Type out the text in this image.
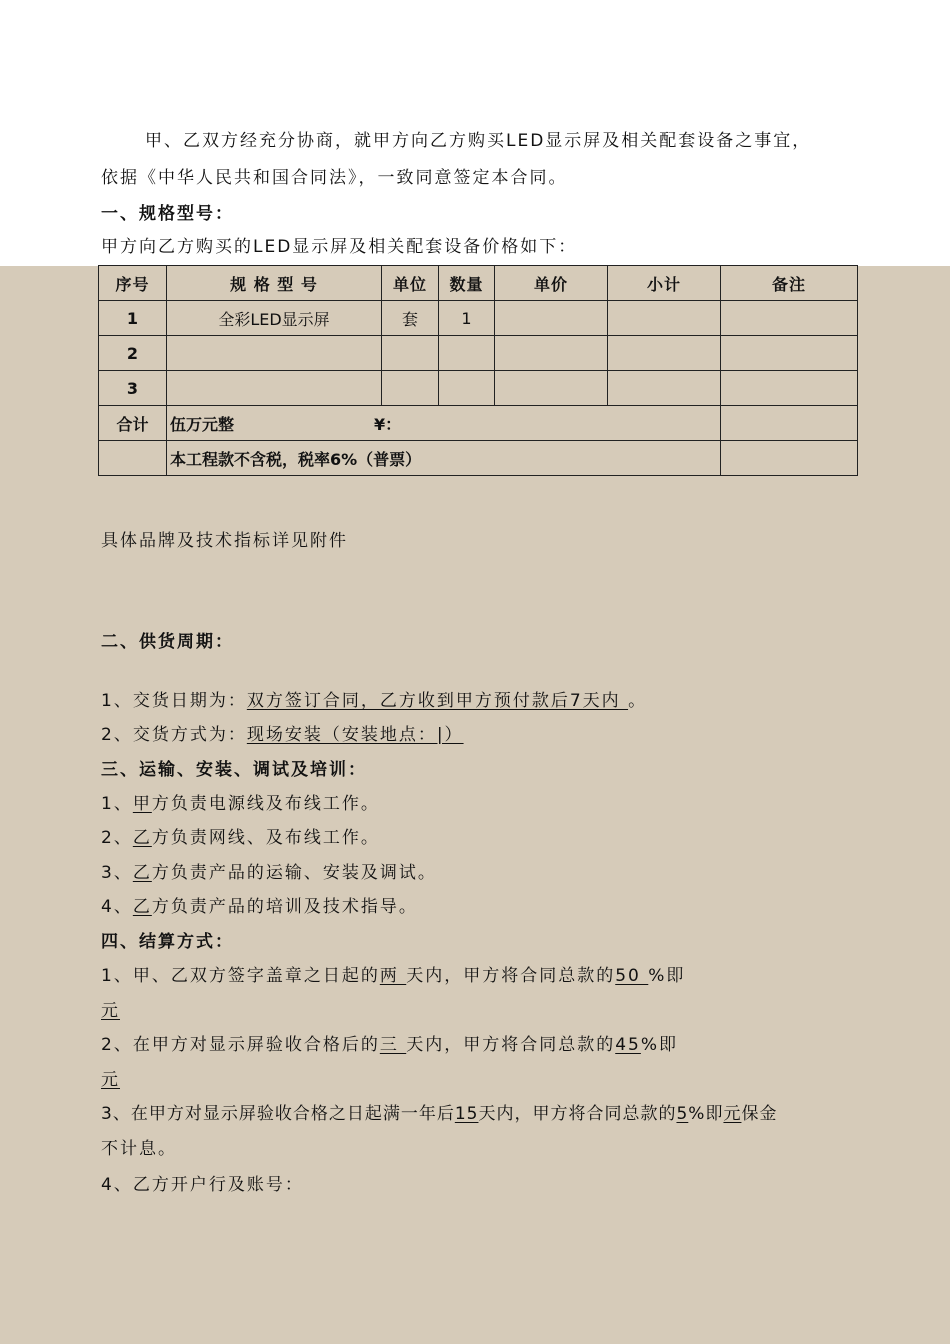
甲、乙双方经充分协商，就甲方向乙方购买LED显示屏及相关配套设备之事宜，
依据《中华人民共和国合同法》，一致同意签定本合同。
一、规格型号：
甲方向乙方购买的LED显示屏及相关配套设备价格如下：
序号	规 格 型 号	单位	数量	单价	小计	备注
1	全彩LED显示屏	套	1			
2						
3						
合计	伍万元整 ¥：					
	本工程款不含税，税率6%（普票）					
具体品牌及技术指标详见附件
二、供货周期：
1、交货日期为：双方签订合同，乙方收到甲方预付款后7天内 。
2、交货方式为：现场安装（安装地点：|）
三、运输、安装、调试及培训：
1、甲方负责电源线及布线工作。
2、乙方负责网线、及布线工作。
3、乙方负责产品的运输、安装及调试。
4、乙方负责产品的培训及技术指导。
四、结算方式：
1、甲、乙双方签字盖章之日起的两 天内，甲方将合同总款的50 %即
元
2、在甲方对显示屏验收合格后的三 天内，甲方将合同总款的45%即
元
3、在甲方对显示屏验收合格之日起满一年后15天内，甲方将合同总款的5%即元保金
不计息。
4、乙方开户行及账号：
